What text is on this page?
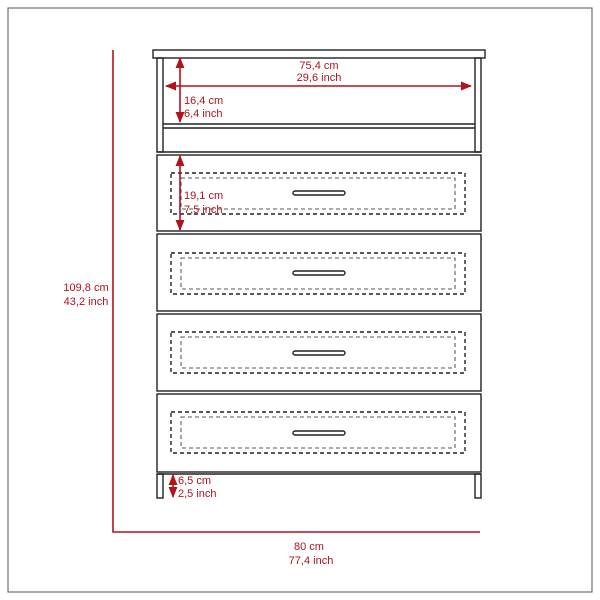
75,4 cm
29,6 inch
16,4 cm
6,4 inch
19,1 cm
7,5 inch
6,5 cm
2,5 inch
109,8 cm
43,2 inch
80 cm
77,4 inch
